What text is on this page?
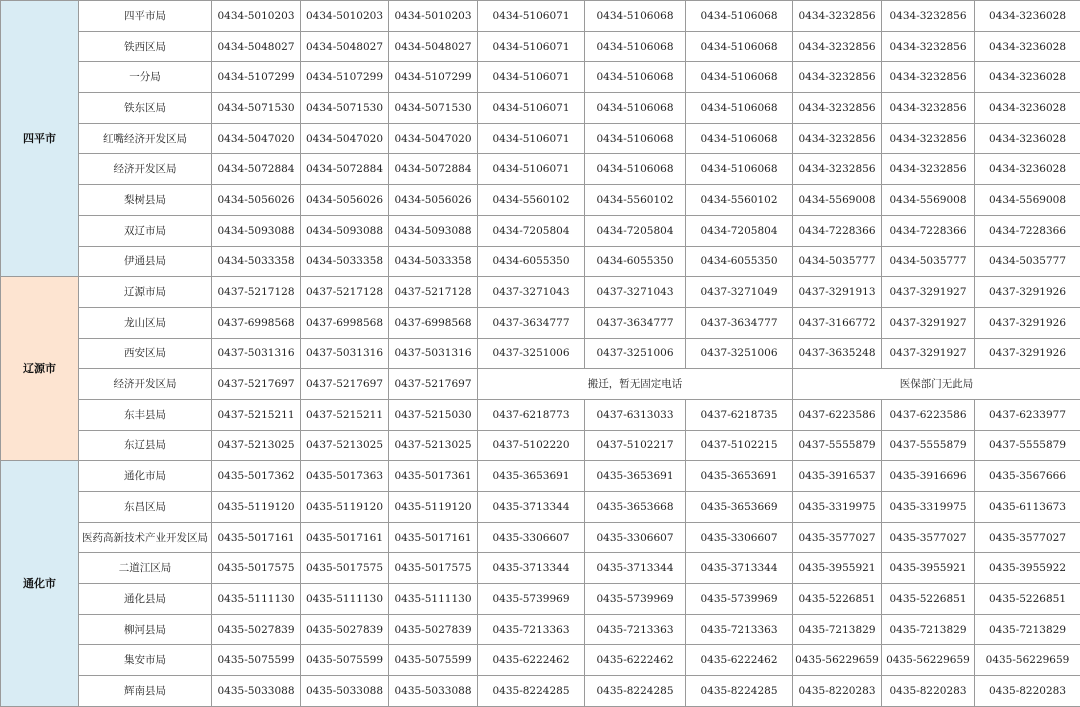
四平市	四平市局	0434-5010203	0434-5010203	0434-5010203	0434-5106071	0434-5106068	0434-5106068	0434-3232856	0434-3232856	0434-3236028
	铁西区局	0434-5048027	0434-5048027	0434-5048027	0434-5106071	0434-5106068	0434-5106068	0434-3232856	0434-3232856	0434-3236028
	一分局	0434-5107299	0434-5107299	0434-5107299	0434-5106071	0434-5106068	0434-5106068	0434-3232856	0434-3232856	0434-3236028
	铁东区局	0434-5071530	0434-5071530	0434-5071530	0434-5106071	0434-5106068	0434-5106068	0434-3232856	0434-3232856	0434-3236028
	红嘴经济开发区局	0434-5047020	0434-5047020	0434-5047020	0434-5106071	0434-5106068	0434-5106068	0434-3232856	0434-3232856	0434-3236028
	经济开发区局	0434-5072884	0434-5072884	0434-5072884	0434-5106071	0434-5106068	0434-5106068	0434-3232856	0434-3232856	0434-3236028
	梨树县局	0434-5056026	0434-5056026	0434-5056026	0434-5560102	0434-5560102	0434-5560102	0434-5569008	0434-5569008	0434-5569008
	双辽市局	0434-5093088	0434-5093088	0434-5093088	0434-7205804	0434-7205804	0434-7205804	0434-7228366	0434-7228366	0434-7228366
	伊通县局	0434-5033358	0434-5033358	0434-5033358	0434-6055350	0434-6055350	0434-6055350	0434-5035777	0434-5035777	0434-5035777
辽源市	辽源市局	0437-5217128	0437-5217128	0437-5217128	0437-3271043	0437-3271043	0437-3271049	0437-3291913	0437-3291927	0437-3291926
	龙山区局	0437-6998568	0437-6998568	0437-6998568	0437-3634777	0437-3634777	0437-3634777	0437-3166772	0437-3291927	0437-3291926
	西安区局	0437-5031316	0437-5031316	0437-5031316	0437-3251006	0437-3251006	0437-3251006	0437-3635248	0437-3291927	0437-3291926
	经济开发区局	0437-5217697	0437-5217697	0437-5217697	搬迁，暂无固定电话			医保部门无此局		
	东丰县局	0437-5215211	0437-5215211	0437-5215030	0437-6218773	0437-6313033	0437-6218735	0437-6223586	0437-6223586	0437-6233977
	东辽县局	0437-5213025	0437-5213025	0437-5213025	0437-5102220	0437-5102217	0437-5102215	0437-5555879	0437-5555879	0437-5555879
通化市	通化市局	0435-5017362	0435-5017363	0435-5017361	0435-3653691	0435-3653691	0435-3653691	0435-3916537	0435-3916696	0435-3567666
	东昌区局	0435-5119120	0435-5119120	0435-5119120	0435-3713344	0435-3653668	0435-3653669	0435-3319975	0435-3319975	0435-6113673
	医药高新技术产业开发区局	0435-5017161	0435-5017161	0435-5017161	0435-3306607	0435-3306607	0435-3306607	0435-3577027	0435-3577027	0435-3577027
	二道江区局	0435-5017575	0435-5017575	0435-5017575	0435-3713344	0435-3713344	0435-3713344	0435-3955921	0435-3955921	0435-3955922
	通化县局	0435-5111130	0435-5111130	0435-5111130	0435-5739969	0435-5739969	0435-5739969	0435-5226851	0435-5226851	0435-5226851
	柳河县局	0435-5027839	0435-5027839	0435-5027839	0435-7213363	0435-7213363	0435-7213363	0435-7213829	0435-7213829	0435-7213829
	集安市局	0435-5075599	0435-5075599	0435-5075599	0435-6222462	0435-6222462	0435-6222462	0435-56229659	0435-56229659	0435-56229659
	辉南县局	0435-5033088	0435-5033088	0435-5033088	0435-8224285	0435-8224285	0435-8224285	0435-8220283	0435-8220283	0435-8220283
